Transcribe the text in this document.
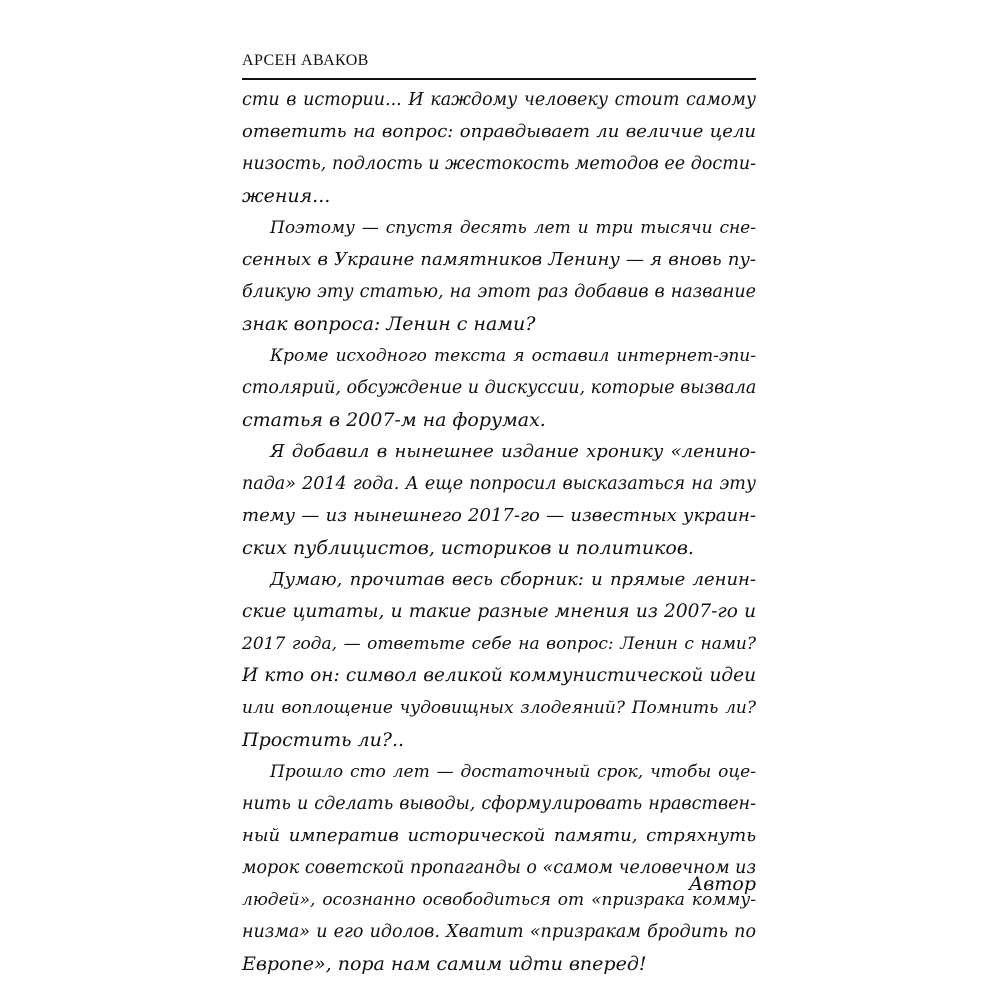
АРСЕН АВАКОВ
сти в истории... И каждому человеку стоит самому
ответить на вопрос: оправдывает ли величие цели
низость, подлость и жестокость методов ее дости-
жения...
Поэтому — спустя десять лет и три тысячи сне-
сенных в Украине памятников Ленину — я вновь пу-
бликую эту статью, на этот раз добавив в название
знак вопроса: Ленин с нами?
Кроме исходного текста я оставил интернет-эпи-
столярий, обсуждение и дискуссии, которые вызвала
статья в 2007-м на форумах.
Я добавил в нынешнее издание хронику «ленино-
пада» 2014 года. А еще попросил высказаться на эту
тему — из нынешнего 2017-го — известных украин-
ских публицистов, историков и политиков.
Думаю, прочитав весь сборник: и прямые ленин-
ские цитаты, и такие разные мнения из 2007-го и
2017 года, — ответьте себе на вопрос: Ленин с нами?
И кто он: символ великой коммунистической идеи
или воплощение чудовищных злодеяний? Помнить ли?
Простить ли?..
Прошло сто лет — достаточный срок, чтобы оце-
нить и сделать выводы, сформулировать нравствен-
ный императив исторической памяти, стряхнуть
морок советской пропаганды о «самом человечном из
людей», осознанно освободиться от «призрака комму-
низма» и его идолов. Хватит «призракам бродить по
Европе», пора нам самим идти вперед!
Автор
